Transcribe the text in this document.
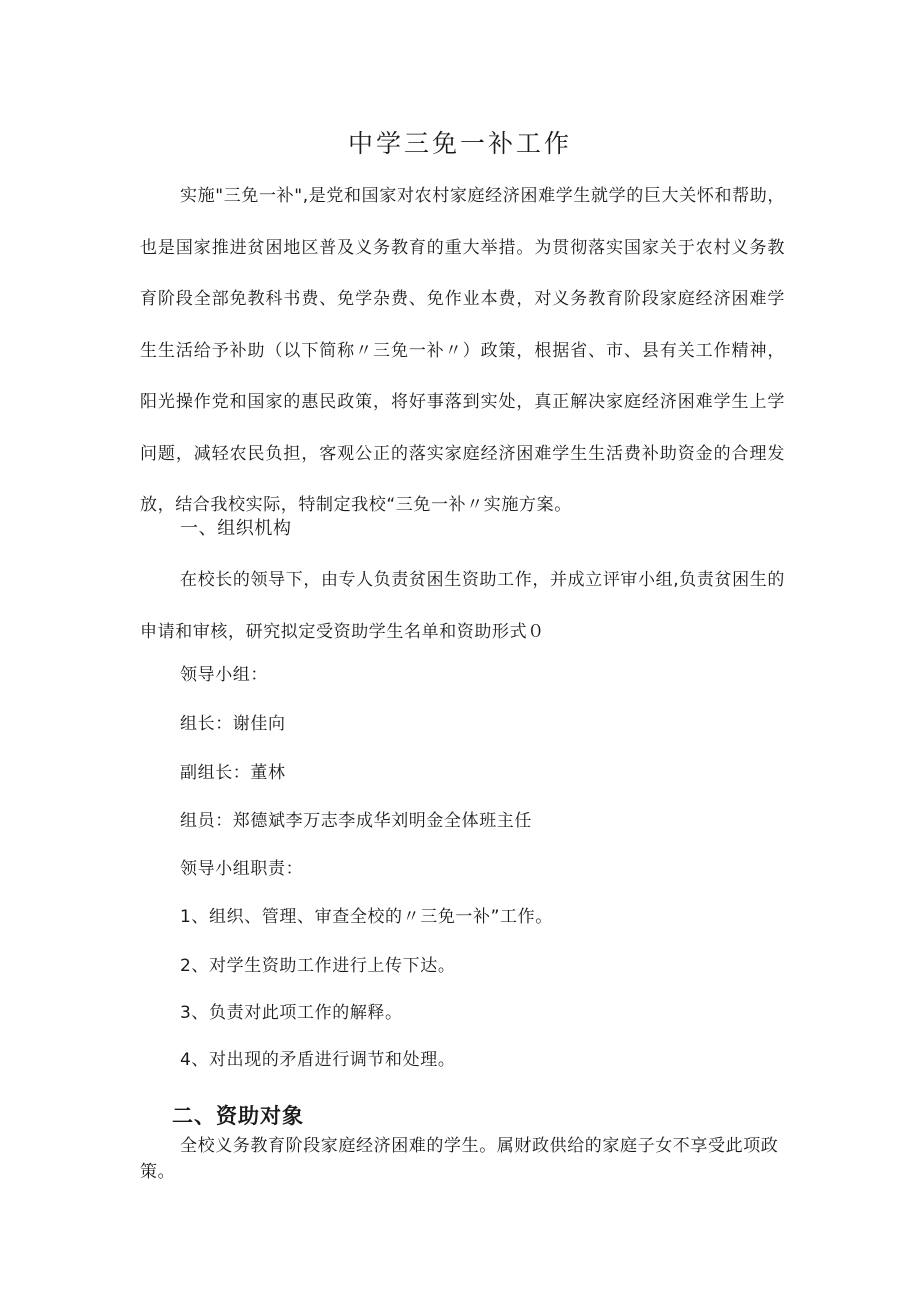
中学三免一补工作

实施"三免一补",是党和国家对农村家庭经济困难学生就学的巨大关怀和帮助，也是国家推进贫困地区普及义务教育的重大举措。为贯彻落实国家关于农村义务教育阶段全部免教科书费、免学杂费、免作业本费，对义务教育阶段家庭经济困难学生生活给予补助（以下简称〃三免一补〃）政策，根据省、市、县有关工作精神，阳光操作党和国家的惠民政策，将好事落到实处，真正解决家庭经济困难学生上学问题，减轻农民负担，客观公正的落实家庭经济困难学生生活费补助资金的合理发放，结合我校实际，特制定我校“三免一补〃实施方案。

一、组织机构

在校长的领导下，由专人负责贫困生资助工作，并成立评审小组,负责贫困生的申请和审核，研究拟定受资助学生名单和资助形式０

领导小组：

组长：谢佳向

副组长：董林

组员：郑德斌李万志李成华刘明金全体班主任

领导小组职责：

1、组织、管理、审查全校的〃三免一补”工作。

2、对学生资助工作进行上传下达。

3、负责对此项工作的解释。

4、对出现的矛盾进行调节和处理。

二、资助对象

全校义务教育阶段家庭经济困难的学生。属财政供给的家庭子女不享受此项政策。
